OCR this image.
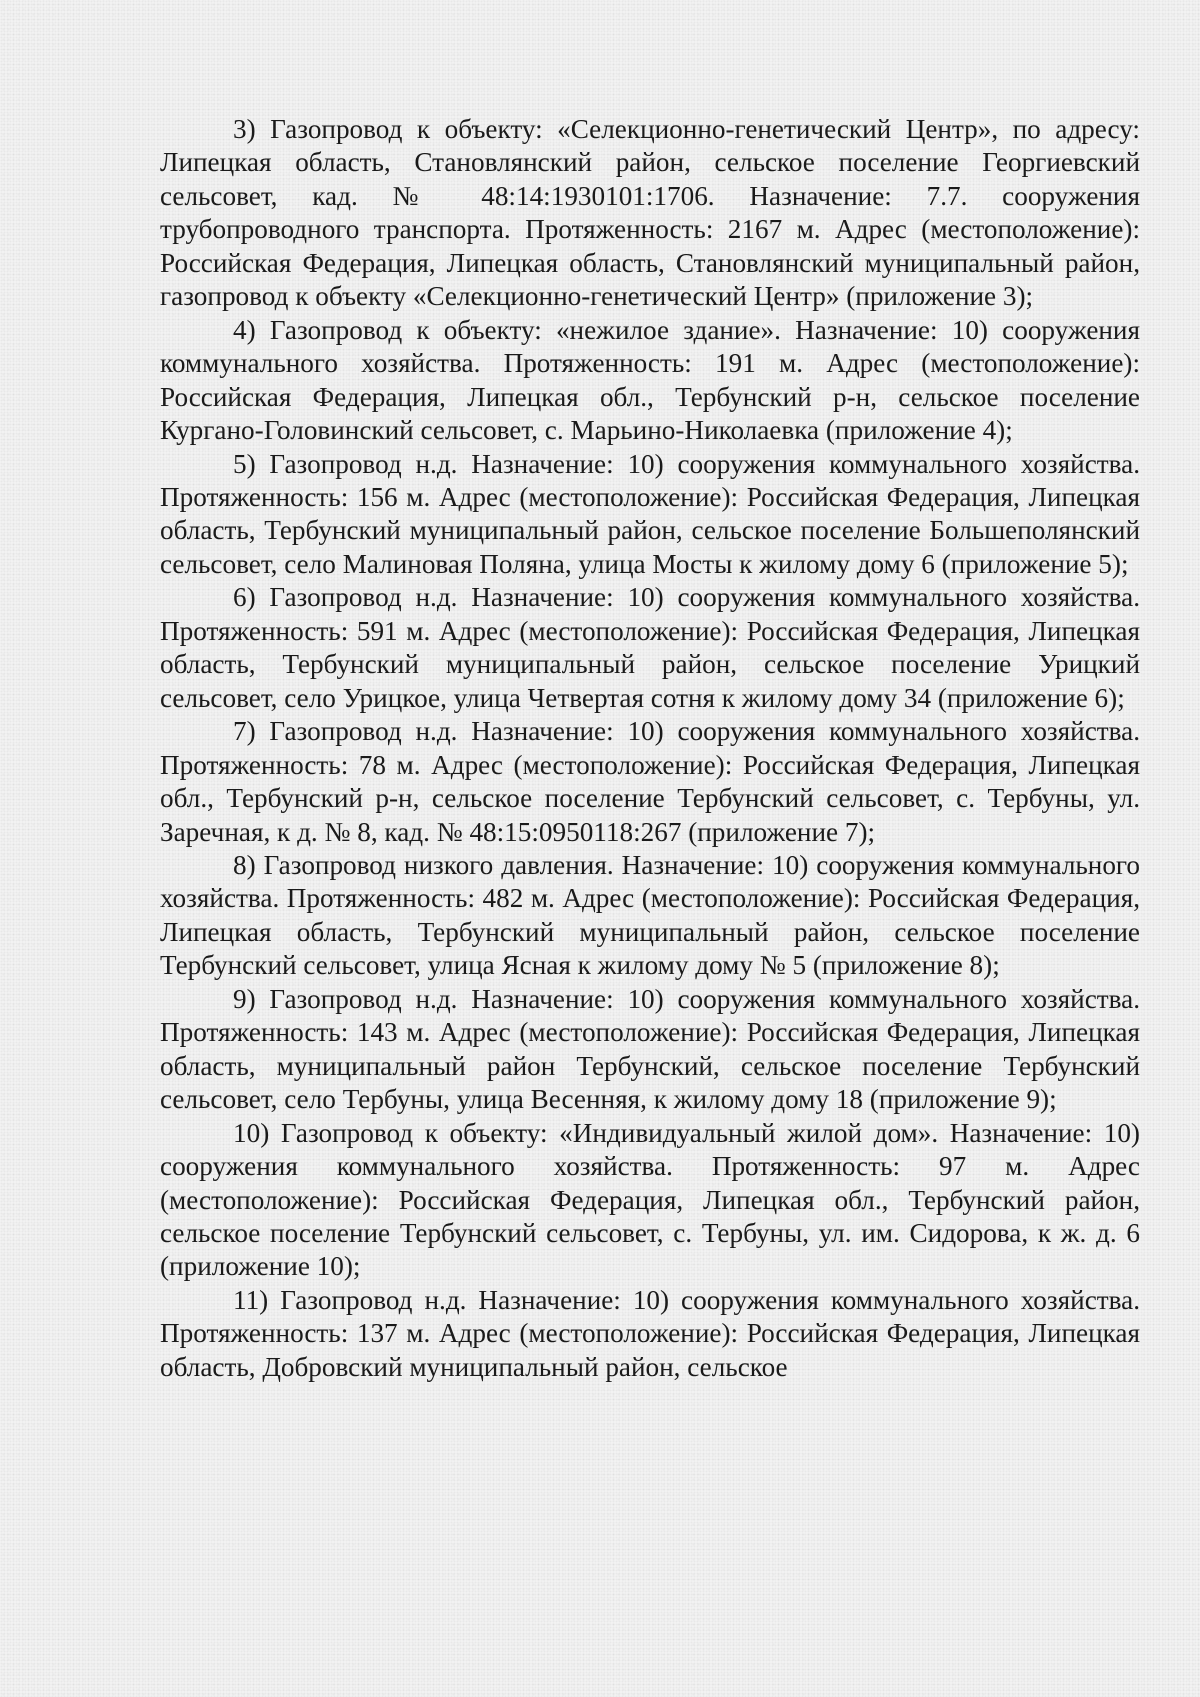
3) Газопровод к объекту: «Селекционно-генетический Центр», по адресу: Липецкая область, Становлянский район, сельское поселение Георгиевский сельсовет, кад. № 48:14:1930101:1706. Назначение: 7.7. сооружения трубопроводного транспорта. Протяженность: 2167 м. Адрес (местоположение): Российская Федерация, Липецкая область, Становлянский муниципальный район, газопровод к объекту «Селекционно-генетический Центр» (приложение 3);

4) Газопровод к объекту: «нежилое здание». Назначение: 10) сооружения коммунального хозяйства. Протяженность: 191 м. Адрес (местоположение): Российская Федерация, Липецкая обл., Тербунский р-н, сельское поселение Кургано-Головинский сельсовет, с. Марьино-Николаевка (приложение 4);

5) Газопровод н.д. Назначение: 10) сооружения коммунального хозяйства. Протяженность: 156 м. Адрес (местоположение): Российская Федерация, Липецкая область, Тербунский муниципальный район, сельское поселение Большеполянский сельсовет, село Малиновая Поляна, улица Мосты к жилому дому 6 (приложение 5);

6) Газопровод н.д. Назначение: 10) сооружения коммунального хозяйства. Протяженность: 591 м. Адрес (местоположение): Российская Федерация, Липецкая область, Тербунский муниципальный район, сельское поселение Урицкий сельсовет, село Урицкое, улица Четвертая сотня к жилому дому 34 (приложение 6);

7) Газопровод н.д. Назначение: 10) сооружения коммунального хозяйства. Протяженность: 78 м. Адрес (местоположение): Российская Федерация, Липецкая обл., Тербунский р-н, сельское поселение Тербунский сельсовет, с. Тербуны, ул. Заречная, к д. № 8, кад. № 48:15:0950118:267 (приложение 7);

8) Газопровод низкого давления. Назначение: 10) сооружения коммунального хозяйства. Протяженность: 482 м. Адрес (местоположение): Российская Федерация, Липецкая область, Тербунский муниципальный район, сельское поселение Тербунский сельсовет, улица Ясная к жилому дому № 5 (приложение 8);

9) Газопровод н.д. Назначение: 10) сооружения коммунального хозяйства. Протяженность: 143 м. Адрес (местоположение): Российская Федерация, Липецкая область, муниципальный район Тербунский, сельское поселение Тербунский сельсовет, село Тербуны, улица Весенняя, к жилому дому 18 (приложение 9);

10) Газопровод к объекту: «Индивидуальный жилой дом». Назначение: 10) сооружения коммунального хозяйства. Протяженность: 97 м. Адрес (местоположение): Российская Федерация, Липецкая обл., Тербунский район, сельское поселение Тербунский сельсовет, с. Тербуны, ул. им. Сидорова, к ж. д. 6 (приложение 10);

11) Газопровод н.д. Назначение: 10) сооружения коммунального хозяйства. Протяженность: 137 м. Адрес (местоположение): Российская Федерация, Липецкая область, Добровский муниципальный район, сельское
